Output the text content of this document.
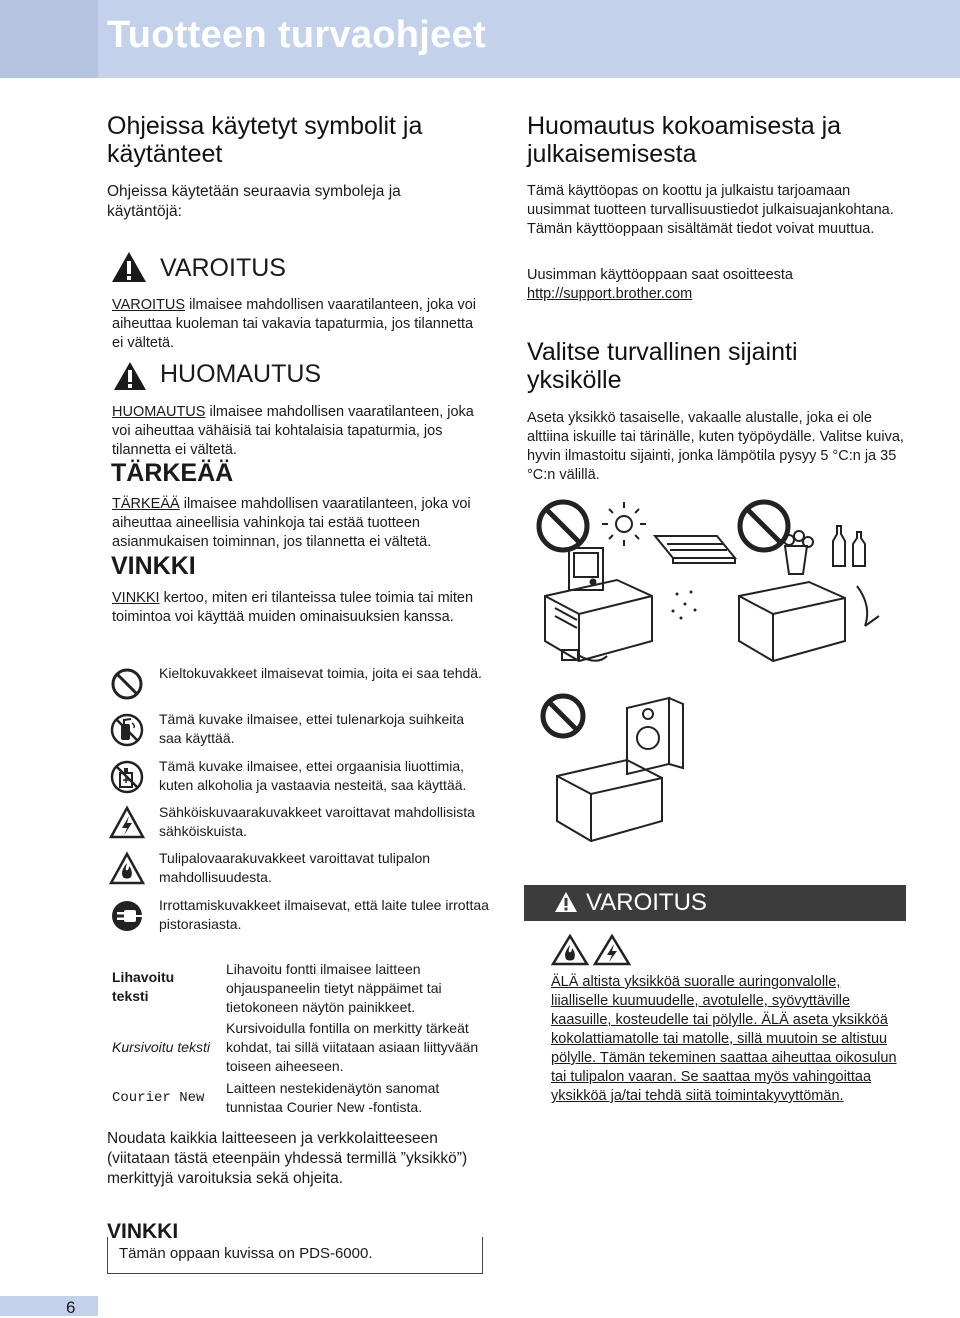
Tuotteen turvaohjeet
Ohjeissa käytetyt symbolit ja käytänteet
Ohjeissa käytetään seuraavia symboleja ja käytäntöjä:
VAROITUS
VAROITUS ilmaisee mahdollisen vaaratilanteen, joka voi aiheuttaa kuoleman tai vakavia tapaturmia, jos tilannetta ei vältetä.
HUOMAUTUS
HUOMAUTUS ilmaisee mahdollisen vaaratilanteen, joka voi aiheuttaa vähäisiä tai kohtalaisia tapaturmia, jos tilannetta ei vältetä.
TÄRKEÄÄ
TÄRKEÄÄ ilmaisee mahdollisen vaaratilanteen, joka voi aiheuttaa aineellisia vahinkoja tai estää tuotteen asianmukaisen toiminnan, jos tilannetta ei vältetä.
VINKKI
VINKKI kertoo, miten eri tilanteissa tulee toimia tai miten toimintoa voi käyttää muiden ominaisuuksien kanssa.
Kieltokuvakkeet ilmaisevat toimia, joita ei saa tehdä.
Tämä kuvake ilmaisee, ettei tulenarkoja suihkeita saa käyttää.
Tämä kuvake ilmaisee, ettei orgaanisia liuottimia, kuten alkoholia ja vastaavia nesteitä, saa käyttää.
Sähköiskuvaarakuvakkeet varoittavat mahdollisista sähköiskuista.
Tulipalovaarakuvakkeet varoittavat tulipalon mahdollisuudesta.
Irrottamiskuvakkeet ilmaisevat, että laite tulee irrottaa pistorasiasta.
Lihavoitu teksti
Lihavoitu fontti ilmaisee laitteen ohjauspaneelin tietyt näppäimet tai tietokoneen näytön painikkeet.
Kursivoitu teksti
Kursivoidulla fontilla on merkitty tärkeät kohdat, tai sillä viitataan asiaan liittyvään toiseen aiheeseen.
Courier New
Laitteen nestekidenäytön sanomat tunnistaa Courier New -fontista.
Noudata kaikkia laitteeseen ja verkkolaitteeseen (viitataan tästä eteenpäin yhdessä termillä ”yksikkö”) merkittyjä varoituksia sekä ohjeita.
VINKKI
Tämän oppaan kuvissa on PDS-6000.
Huomautus kokoamisesta ja julkaisemisesta
Tämä käyttöopas on koottu ja julkaistu tarjoamaan uusimmat tuotteen turvallisuustiedot julkaisuajankohtana. Tämän käyttöoppaan sisältämät tiedot voivat muuttua.
Uusimman käyttöoppaan saat osoitteesta
http://support.brother.com
Valitse turvallinen sijainti yksikölle
Aseta yksikkö tasaiselle, vakaalle alustalle, joka ei ole alttiina iskuille tai tärinälle, kuten työpöydälle. Valitse kuiva, hyvin ilmastoitu sijainti, jonka lämpötila pysyy 5 °C:n ja 35 °C:n välillä.
VAROITUS
ÄLÄ altista yksikköä suoralle auringonvalolle, liialliselle kuumuudelle, avotulelle, syövyttäville kaasuille, kosteudelle tai pölylle. ÄLÄ aseta yksikköä kokolattiamatolle tai matolle, sillä muutoin se altistuu pölylle. Tämän tekeminen saattaa aiheuttaa oikosulun tai tulipalon vaaran. Se saattaa myös vahingoittaa yksikköä ja/tai tehdä siitä toimintakyvyttömän.
6
